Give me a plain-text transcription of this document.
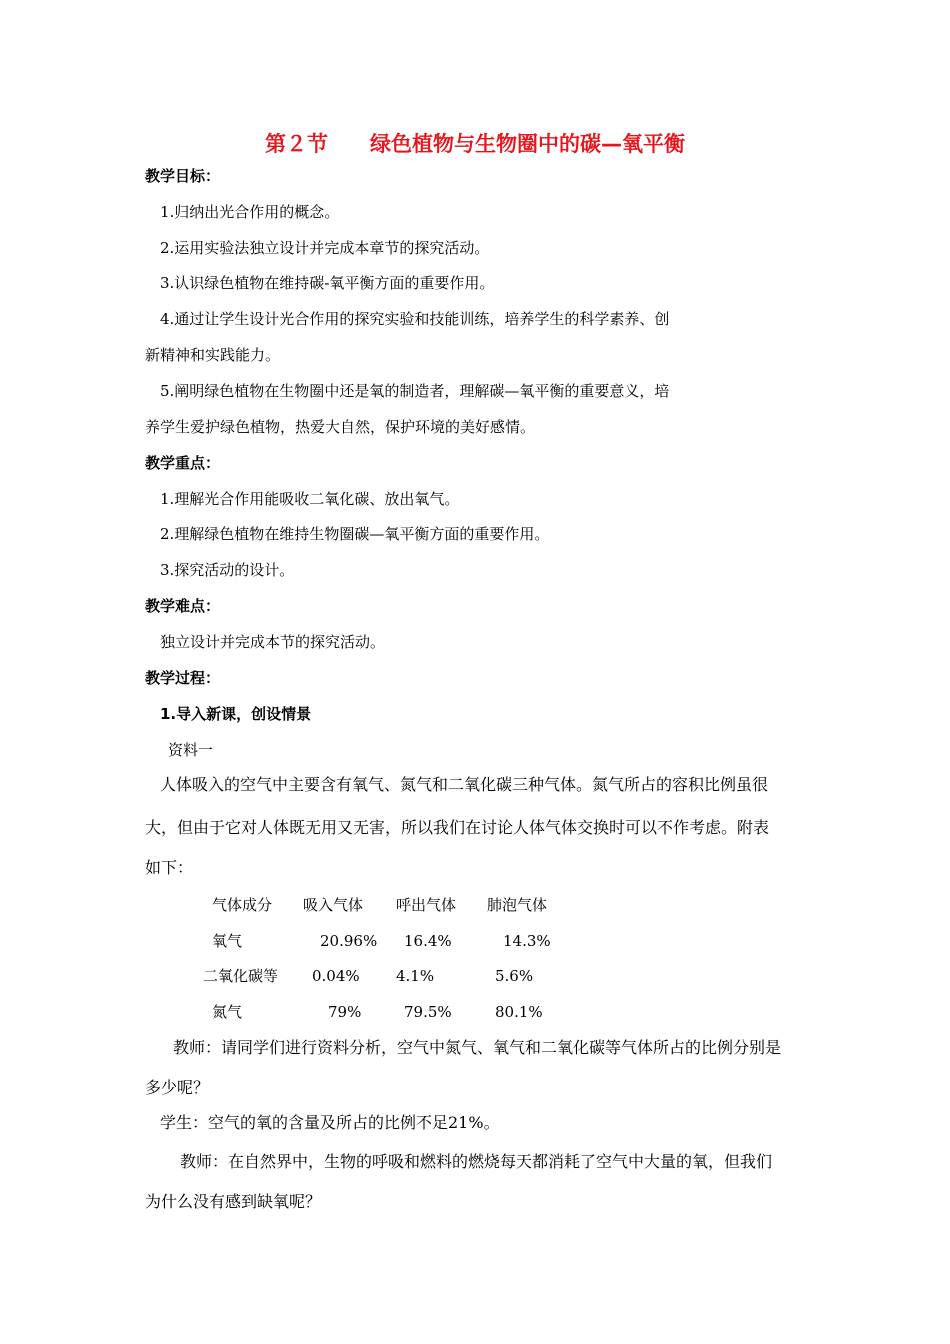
第２节　　绿色植物与生物圈中的碳—氧平衡
教学目标：
1.归纳出光合作用的概念。
2.运用实验法独立设计并完成本章节的探究活动。
3.认识绿色植物在维持碳-氧平衡方面的重要作用。
4.通过让学生设计光合作用的探究实验和技能训练，培养学生的科学素养、创
新精神和实践能力。
5.阐明绿色植物在生物圈中还是氧的制造者，理解碳—氧平衡的重要意义，培
养学生爱护绿色植物，热爱大自然，保护环境的美好感情。
教学重点：
1.理解光合作用能吸收二氧化碳、放出氧气。
2.理解绿色植物在维持生物圈碳—氧平衡方面的重要作用。
3.探究活动的设计。
教学难点：
独立设计并完成本节的探究活动。
教学过程：
1.导入新课，创设情景
资料一
人体吸入的空气中主要含有氧气、氮气和二氧化碳三种气体。氮气所占的容积比例虽很
大，但由于它对人体既无用又无害，所以我们在讨论人体气体交换时可以不作考虑。附表
如下：
气体成分 吸入气体 呼出气体 肺泡气体
氧气	20.96% 16.4%	14.3%
二氧化碳等 0.04% 4.1%	5.6%
氮气	79%	79.5%	80.1%
教师：请同学们进行资料分析，空气中氮气、氧气和二氧化碳等气体所占的比例分别是
多少呢？
学生：空气的氧的含量及所占的比例不足21%。
教师：在自然界中，生物的呼吸和燃料的燃烧每天都消耗了空气中大量的氧，但我们
为什么没有感到缺氧呢？
